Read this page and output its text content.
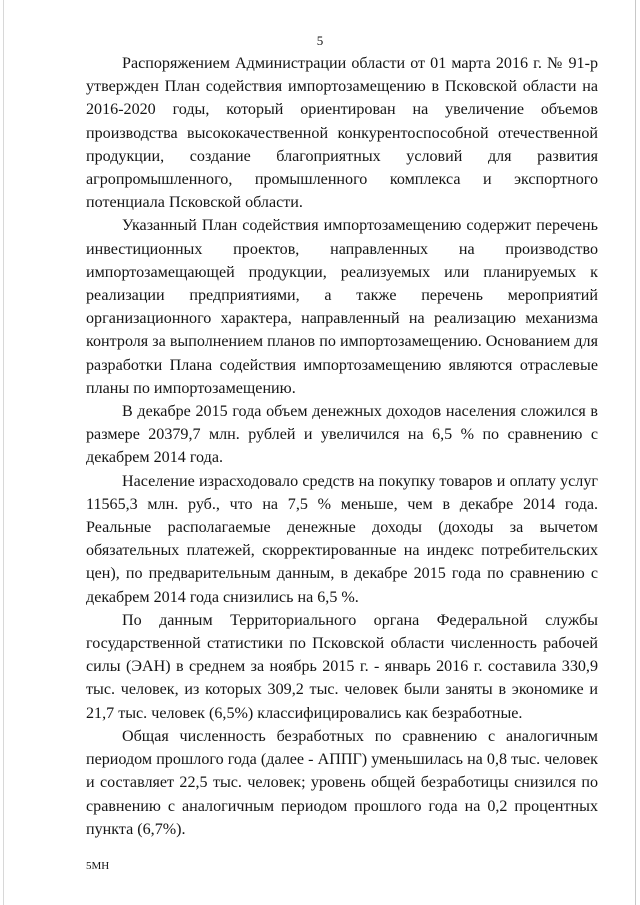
5

Распоряжением Администрации области от 01 марта 2016 г. № 91-р утвержден План содействия импортозамещению в Псковской области на 2016-2020 годы, который ориентирован на увеличение объемов производства высококачественной конкурентоспособной отечественной продукции, создание благоприятных условий для развития агропромышленного, промышленного комплекса и экспортного потенциала Псковской области.

Указанный План содействия импортозамещению содержит перечень инвестиционных проектов, направленных на производство импортозамещающей продукции, реализуемых или планируемых к реализации предприятиями, а также перечень мероприятий организационного характера, направленный на реализацию механизма контроля за выполнением планов по импортозамещению. Основанием для разработки Плана содействия импортозамещению являются отраслевые планы по импортозамещению.

В декабре 2015 года объем денежных доходов населения сложился в размере 20379,7 млн. рублей и увеличился на 6,5 % по сравнению с декабрем 2014 года.

Население израсходовало средств на покупку товаров и оплату услуг 11565,3 млн. руб., что на 7,5 % меньше, чем в декабре 2014 года. Реальные располагаемые денежные доходы (доходы за вычетом обязательных платежей, скорректированные на индекс потребительских цен), по предварительным данным, в декабре 2015 года по сравнению с декабрем 2014 года снизились на 6,5 %.

По данным Территориального органа Федеральной службы государственной статистики по Псковской области численность рабочей силы (ЭАН) в среднем за ноябрь 2015 г. - январь 2016 г. составила 330,9 тыс. человек, из которых 309,2 тыс. человек были заняты в экономике и 21,7 тыс. человек (6,5%) классифицировались как безработные.

Общая численность безработных по сравнению с аналогичным периодом прошлого года (далее - АППГ) уменьшилась на 0,8 тыс. человек и составляет 22,5 тыс. человек; уровень общей безработицы снизился по сравнению с аналогичным периодом прошлого года на 0,2 процентных пункта (6,7%).

5МН
